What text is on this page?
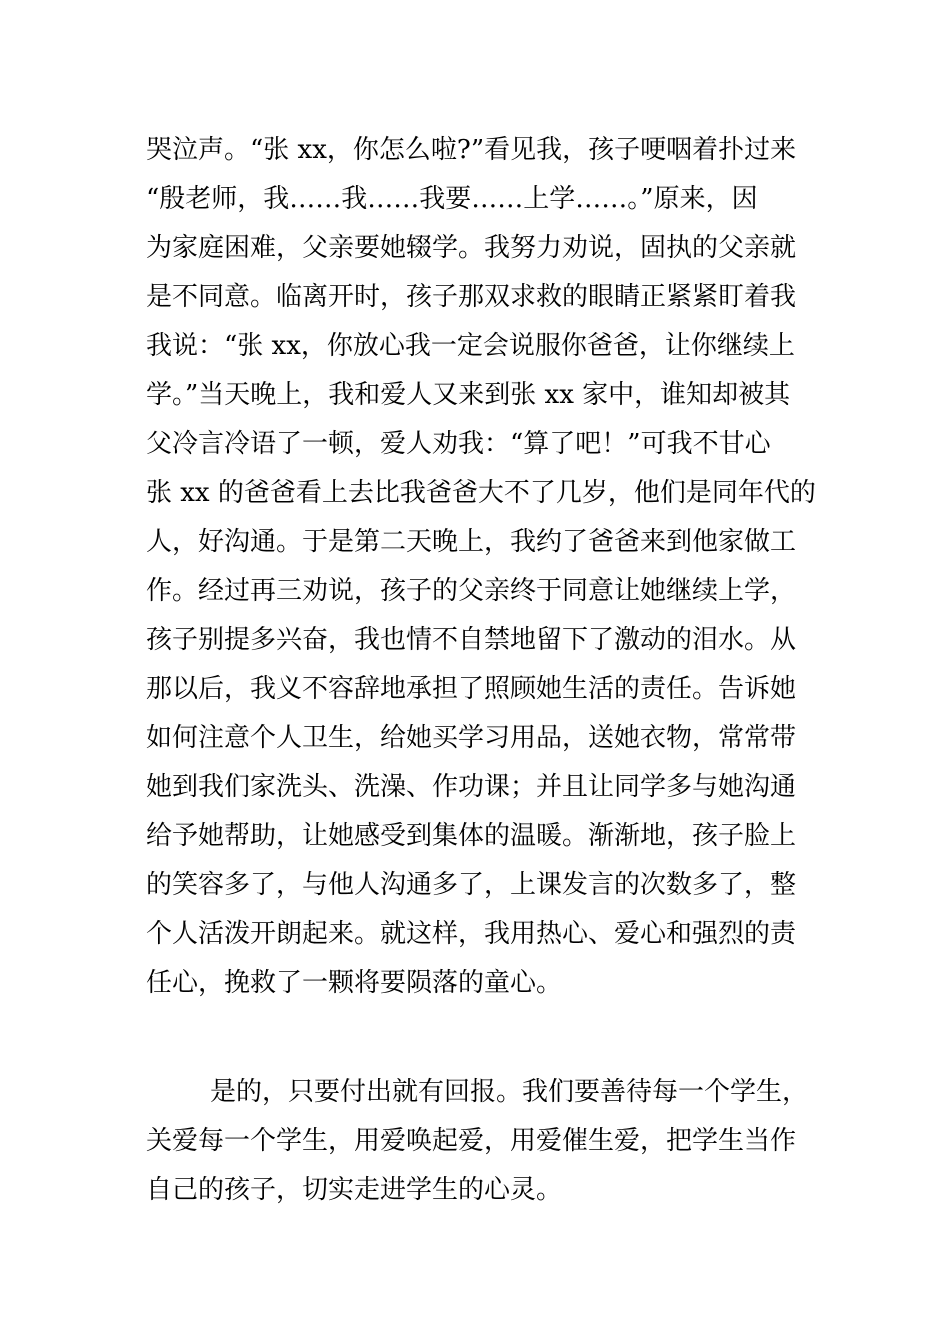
哭泣声。“张 xx，你怎么啦?”看见我，孩子哽咽着扑过来
“殷老师，我……我……我要……上学……。”原来，因
为家庭困难，父亲要她辍学。我努力劝说，固执的父亲就
是不同意。临离开时，孩子那双求救的眼睛正紧紧盯着我
我说：“张 xx，你放心我一定会说服你爸爸，让你继续上
学。”当天晚上，我和爱人又来到张 xx 家中，谁知却被其
父冷言冷语了一顿，爱人劝我：“算了吧！”可我不甘心
张 xx 的爸爸看上去比我爸爸大不了几岁，他们是同年代的
人，好沟通。于是第二天晚上，我约了爸爸来到他家做工
作。经过再三劝说，孩子的父亲终于同意让她继续上学，
孩子别提多兴奋，我也情不自禁地留下了激动的泪水。从
那以后，我义不容辞地承担了照顾她生活的责任。告诉她
如何注意个人卫生，给她买学习用品，送她衣物，常常带
她到我们家洗头、洗澡、作功课；并且让同学多与她沟通
给予她帮助，让她感受到集体的温暖。渐渐地，孩子脸上
的笑容多了，与他人沟通多了，上课发言的次数多了，整
个人活泼开朗起来。就这样，我用热心、爱心和强烈的责
任心，挽救了一颗将要陨落的童心。
是的，只要付出就有回报。我们要善待每一个学生，
关爱每一个学生，用爱唤起爱，用爱催生爱，把学生当作
自己的孩子，切实走进学生的心灵。
